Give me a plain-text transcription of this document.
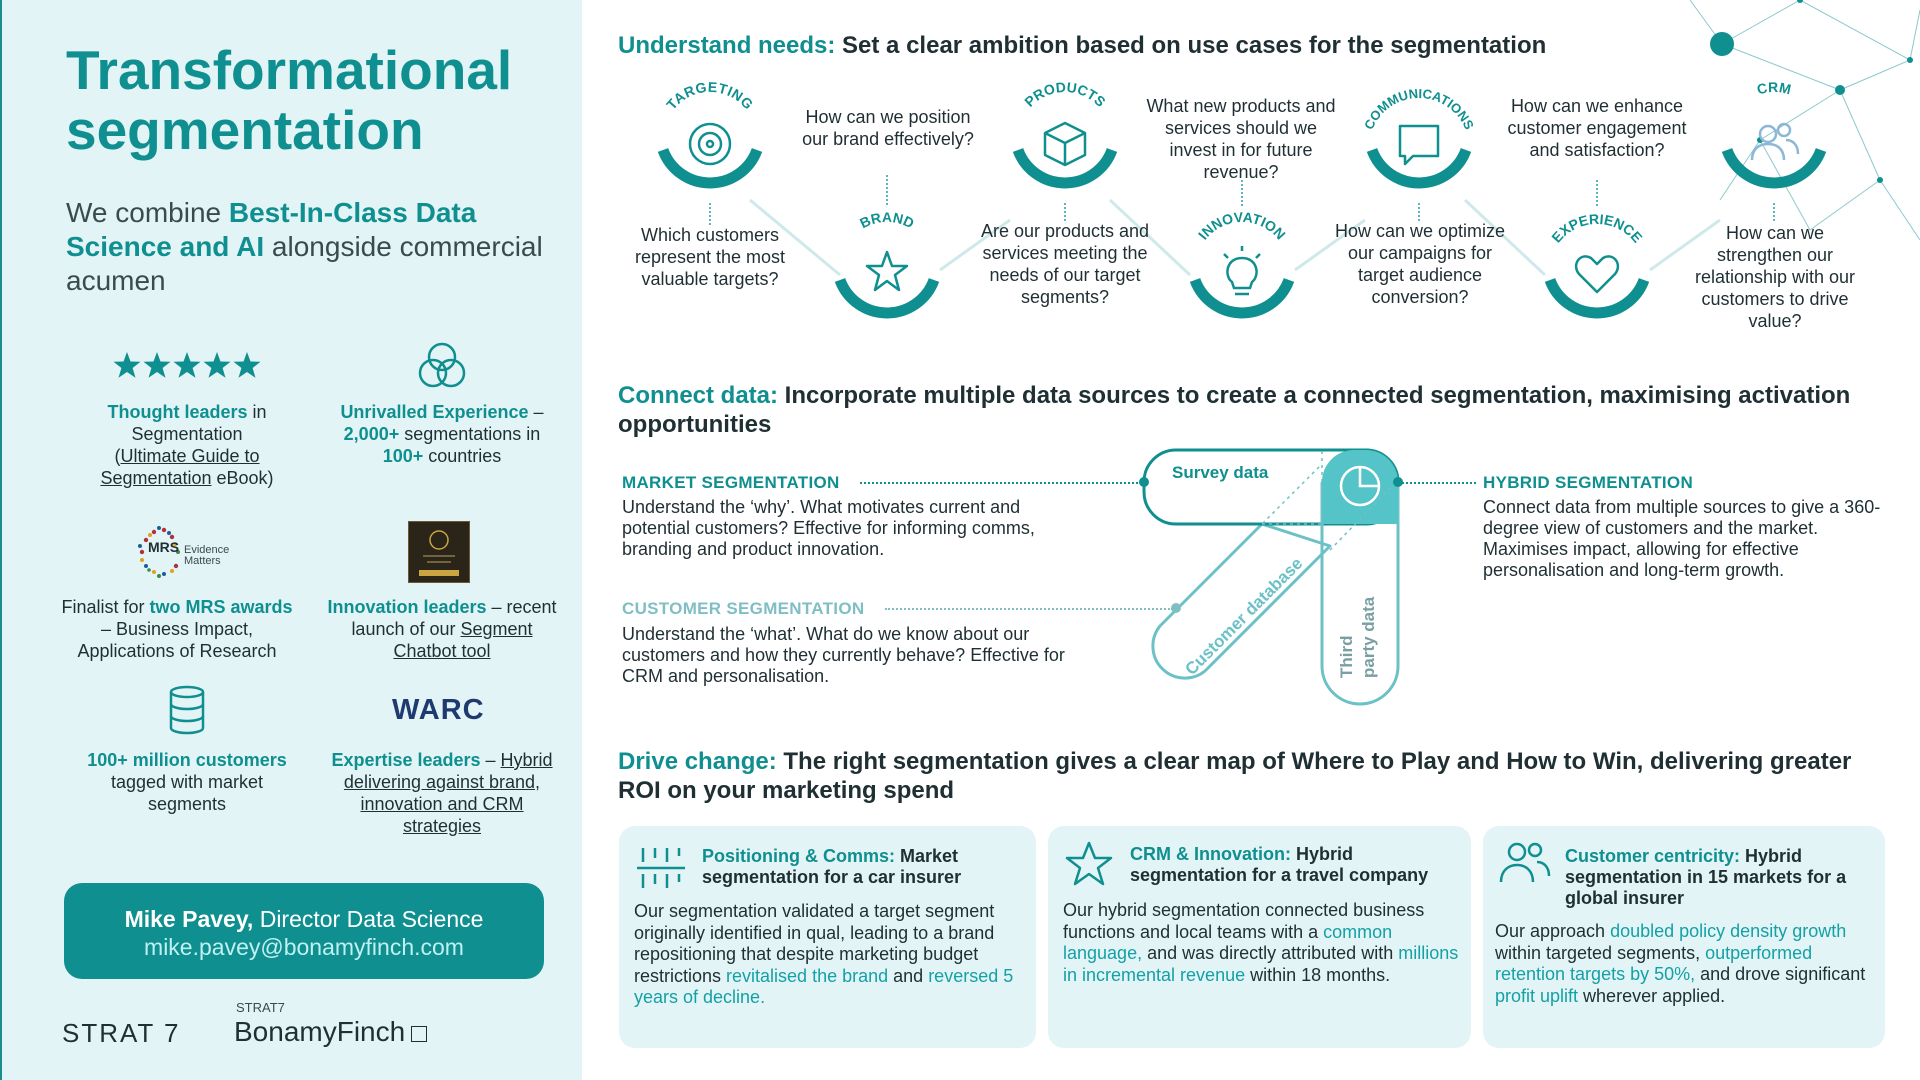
Transformational
segmentation
We combine Best-In-Class Data Science and AI alongside commercial acumen
Thought leaders in Segmentation
(Ultimate Guide to Segmentation eBook)
Unrivalled Experience – 2,000+ segmentations in 100+ countries
MRS Evidence
Matters
Finalist for two MRS awards – Business Impact, Applications of Research
Innovation leaders – recent launch of our Segment Chatbot tool
WARC
100+ million customers tagged with market segments
Expertise leaders – Hybrid delivering against brand, innovation and CRM strategies
Mike Pavey, Director Data Science
mike.pavey@bonamyfinch.com
STRAT 7
STRAT7
BonamyFinch
Understand needs: Set a clear ambition based on use cases for the segmentation
TARGETING
BRAND
PRODUCTS
INNOVATION
COMMUNICATIONS
EXPERIENCE
CRM
Which customers represent the most valuable targets?
How can we position our brand effectively?
Are our products and services meeting the needs of our target segments?
What new products and services should we invest in for future revenue?
How can we optimize our campaigns for target audience conversion?
How can we enhance customer engagement and satisfaction?
How can we strengthen our relationship with our customers to drive value?
Connect data: Incorporate multiple data sources to create a connected segmentation, maximising activation opportunities
MARKET SEGMENTATION
Understand the ‘why’. What motivates current and potential customers? Effective for informing comms, branding and product innovation.
CUSTOMER SEGMENTATION
Understand the ‘what’. What do we know about our customers and how they currently behave? Effective for CRM and personalisation.
HYBRID SEGMENTATION
Connect data from multiple sources to give a 360-degree view of customers and the market. Maximises impact, allowing for effective personalisation and long-term growth.
Survey data
Customer database Third party data
Drive change: The right segmentation gives a clear map of Where to Play and How to Win, delivering greater ROI on your marketing spend
Positioning & Comms: Market segmentation for a car insurer
Our segmentation validated a target segment originally identified in qual, leading to a brand repositioning that despite marketing budget restrictions revitalised the brand and reversed 5 years of decline.
CRM & Innovation: Hybrid segmentation for a travel company
Our hybrid segmentation connected business functions and local teams with a common language, and was directly attributed with millions in incremental revenue within 18 months.
Customer centricity: Hybrid segmentation in 15 markets for a global insurer
Our approach doubled policy density growth within targeted segments, outperformed retention targets by 50%, and drove significant profit uplift wherever applied.
